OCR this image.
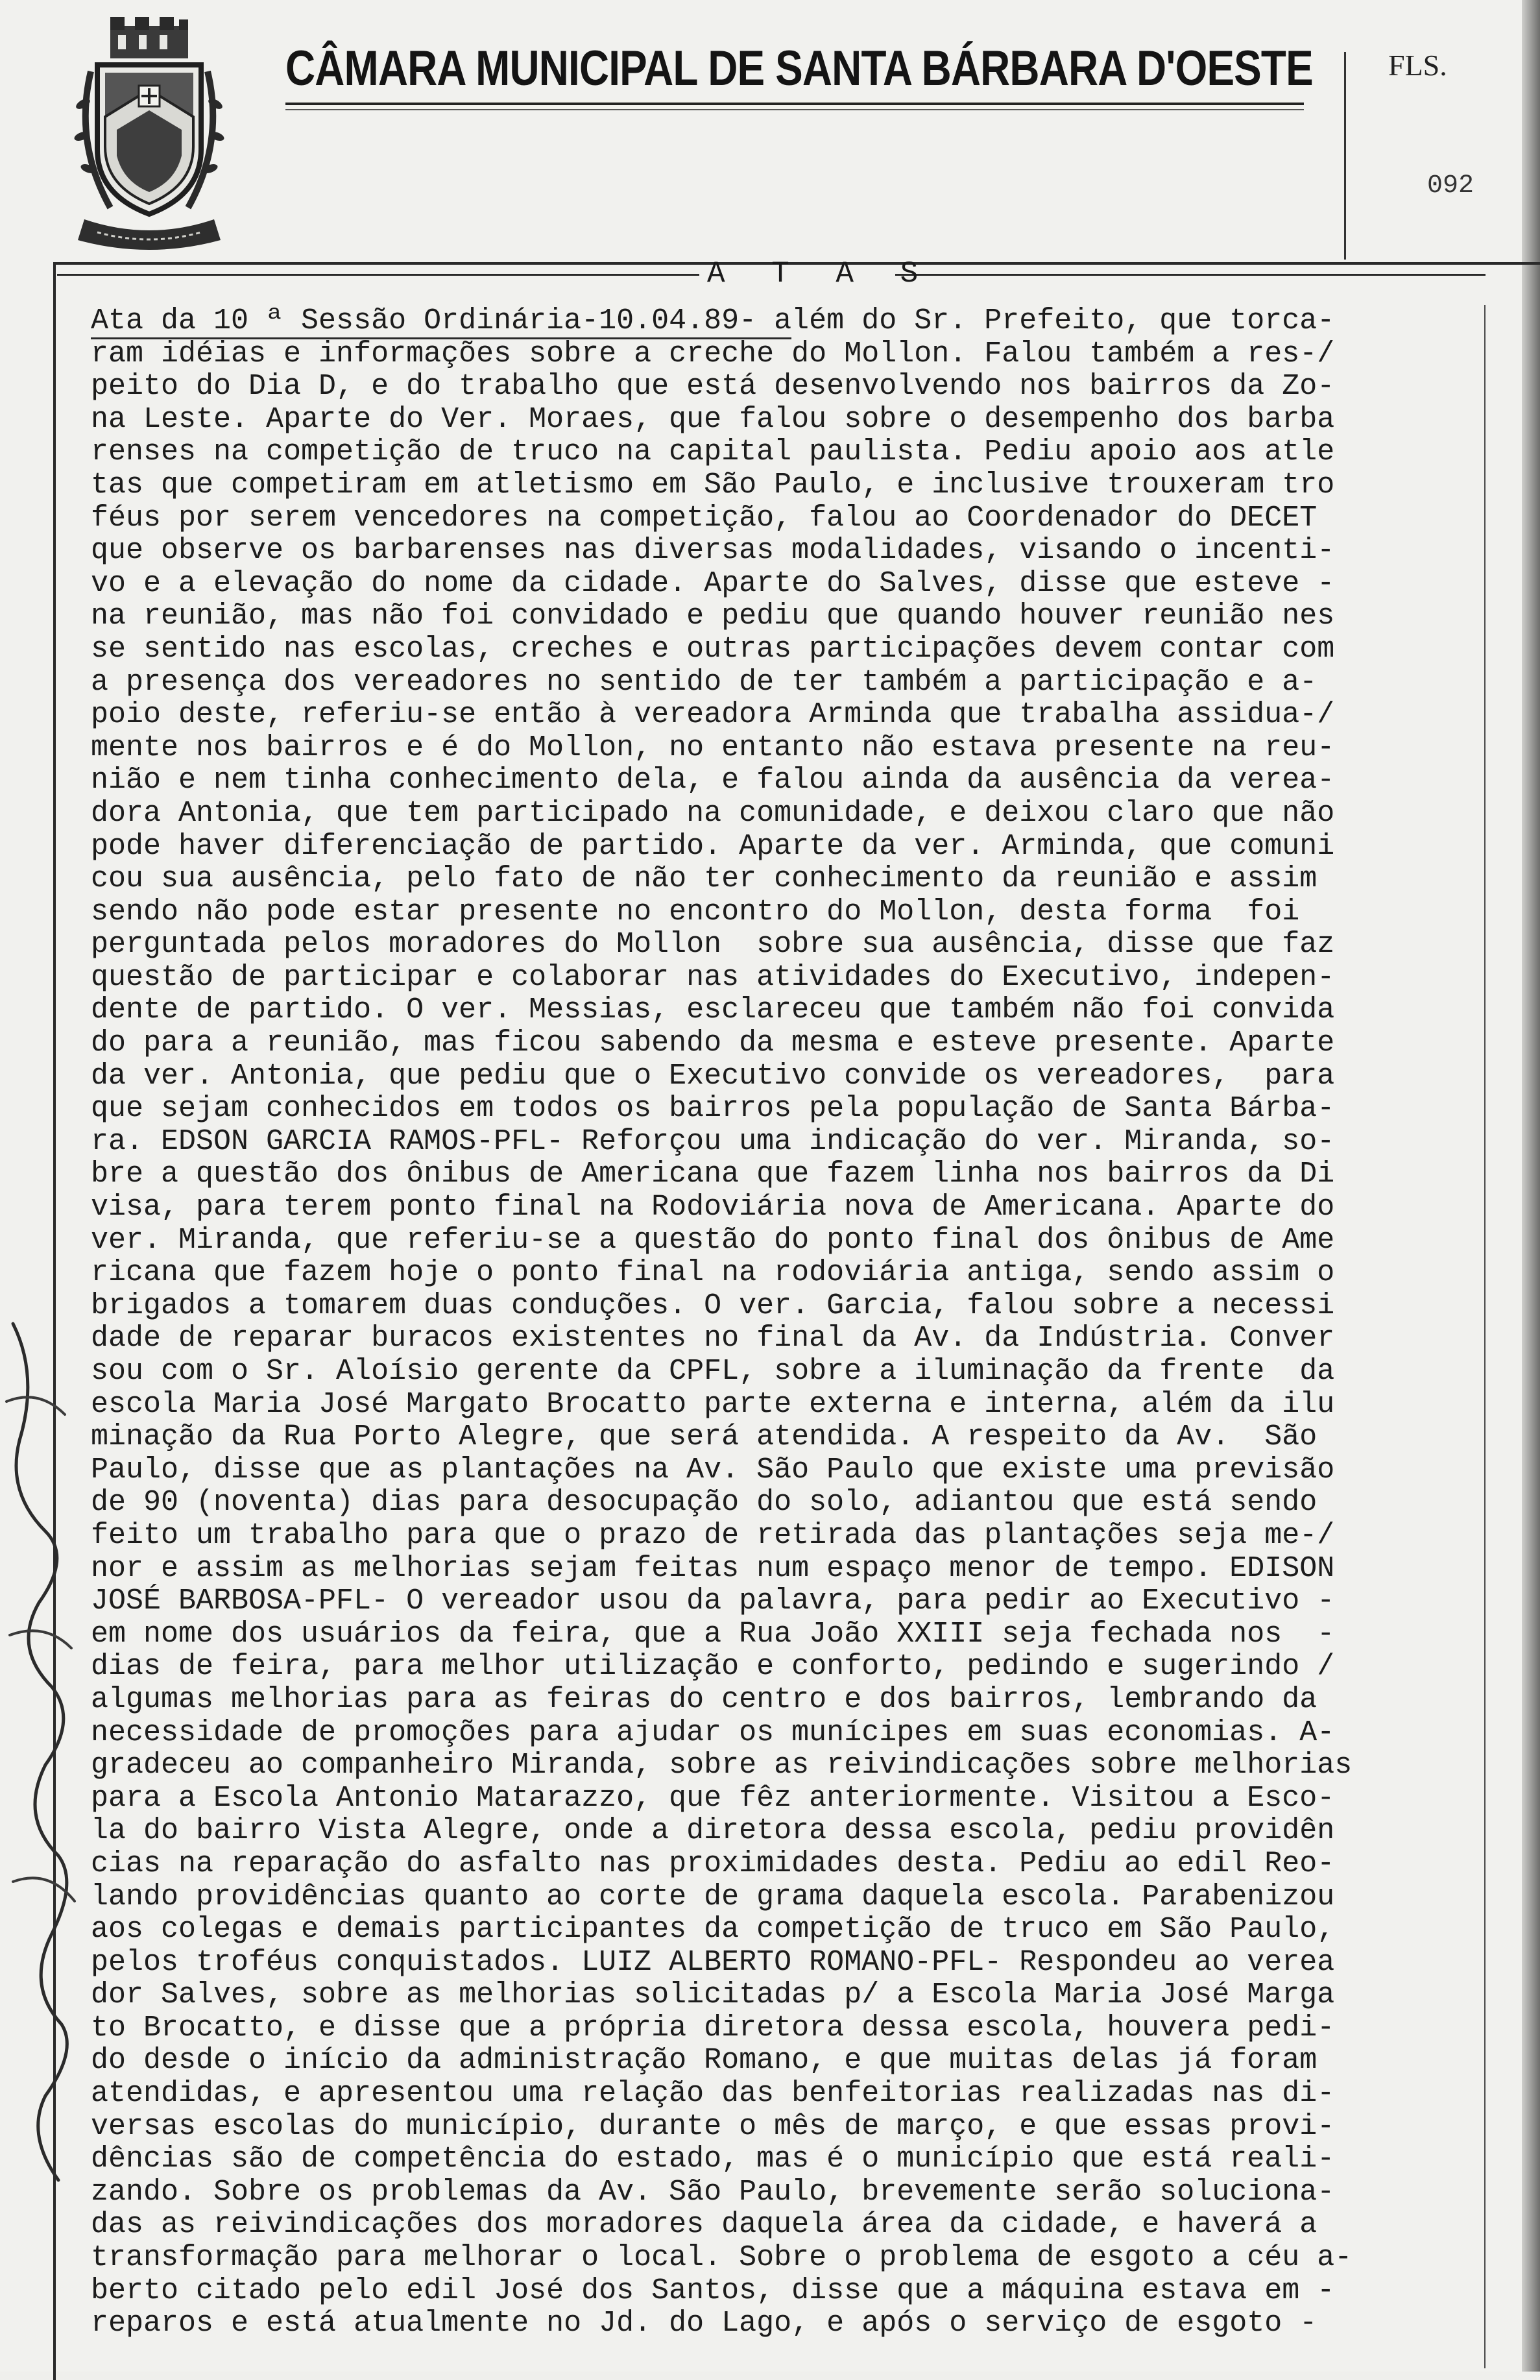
CÂMARA MUNICIPAL DE SANTA BÁRBARA D'OESTE	FLS.
092
A T A S
Ata da 10 ª Sessão Ordinária-10.04.89- além do Sr. Prefeito, que torca-
ram idéias e informações sobre a creche do Mollon. Falou também a res-/
peito do Dia D, e do trabalho que está desenvolvendo nos bairros da Zo-
na Leste. Aparte do Ver. Moraes, que falou sobre o desempenho dos barba
renses na competição de truco na capital paulista. Pediu apoio aos atle
tas que competiram em atletismo em São Paulo, e inclusive trouxeram tro
féus por serem vencedores na competição, falou ao Coordenador do DECET
que observe os barbarenses nas diversas modalidades, visando o incenti-
vo e a elevação do nome da cidade. Aparte do Salves, disse que esteve -
na reunião, mas não foi convidado e pediu que quando houver reunião nes
se sentido nas escolas, creches e outras participações devem contar com
a presença dos vereadores no sentido de ter também a participação e a-
poio deste, referiu-se então à vereadora Arminda que trabalha assidua-/
mente nos bairros e é do Mollon, no entanto não estava presente na reu-
nião e nem tinha conhecimento dela, e falou ainda da ausência da verea-
dora Antonia, que tem participado na comunidade, e deixou claro que não
pode haver diferenciação de partido. Aparte da ver. Arminda, que comuni
cou sua ausência, pelo fato de não ter conhecimento da reunião e assim
sendo não pode estar presente no encontro do Mollon, desta forma  foi
perguntada pelos moradores do Mollon  sobre sua ausência, disse que faz
questão de participar e colaborar nas atividades do Executivo, indepen-
dente de partido. O ver. Messias, esclareceu que também não foi convida
do para a reunião, mas ficou sabendo da mesma e esteve presente. Aparte
da ver. Antonia, que pediu que o Executivo convide os vereadores,  para
que sejam conhecidos em todos os bairros pela população de Santa Bárba-
ra. EDSON GARCIA RAMOS-PFL- Reforçou uma indicação do ver. Miranda, so-
bre a questão dos ônibus de Americana que fazem linha nos bairros da Di
visa, para terem ponto final na Rodoviária nova de Americana. Aparte do
ver. Miranda, que referiu-se a questão do ponto final dos ônibus de Ame
ricana que fazem hoje o ponto final na rodoviária antiga, sendo assim o
brigados a tomarem duas conduções. O ver. Garcia, falou sobre a necessi
dade de reparar buracos existentes no final da Av. da Indústria. Conver
sou com o Sr. Aloísio gerente da CPFL, sobre a iluminação da frente  da
escola Maria José Margato Brocatto parte externa e interna, além da ilu
minação da Rua Porto Alegre, que será atendida. A respeito da Av.  São
Paulo, disse que as plantações na Av. São Paulo que existe uma previsão
de 90 (noventa) dias para desocupação do solo, adiantou que está sendo
feito um trabalho para que o prazo de retirada das plantações seja me-/
nor e assim as melhorias sejam feitas num espaço menor de tempo. EDISON
JOSÉ BARBOSA-PFL- O vereador usou da palavra, para pedir ao Executivo -
em nome dos usuários da feira, que a Rua João XXIII seja fechada nos  -
dias de feira, para melhor utilização e conforto, pedindo e sugerindo /
algumas melhorias para as feiras do centro e dos bairros, lembrando da
necessidade de promoções para ajudar os munícipes em suas economias. A-
gradeceu ao companheiro Miranda, sobre as reivindicações sobre melhorias
para a Escola Antonio Matarazzo, que fêz anteriormente. Visitou a Esco-
la do bairro Vista Alegre, onde a diretora dessa escola, pediu providên
cias na reparação do asfalto nas proximidades desta. Pediu ao edil Reo-
lando providências quanto ao corte de grama daquela escola. Parabenizou
aos colegas e demais participantes da competição de truco em São Paulo,
pelos troféus conquistados. LUIZ ALBERTO ROMANO-PFL- Respondeu ao verea
dor Salves, sobre as melhorias solicitadas p/ a Escola Maria José Marga
to Brocatto, e disse que a própria diretora dessa escola, houvera pedi-
do desde o início da administração Romano, e que muitas delas já foram
atendidas, e apresentou uma relação das benfeitorias realizadas nas di-
versas escolas do município, durante o mês de março, e que essas provi-
dências são de competência do estado, mas é o município que está reali-
zando. Sobre os problemas da Av. São Paulo, brevemente serão soluciona-
das as reivindicações dos moradores daquela área da cidade, e haverá a
transformação para melhorar o local. Sobre o problema de esgoto a céu a-
berto citado pelo edil José dos Santos, disse que a máquina estava em -
reparos e está atualmente no Jd. do Lago, e após o serviço de esgoto -
